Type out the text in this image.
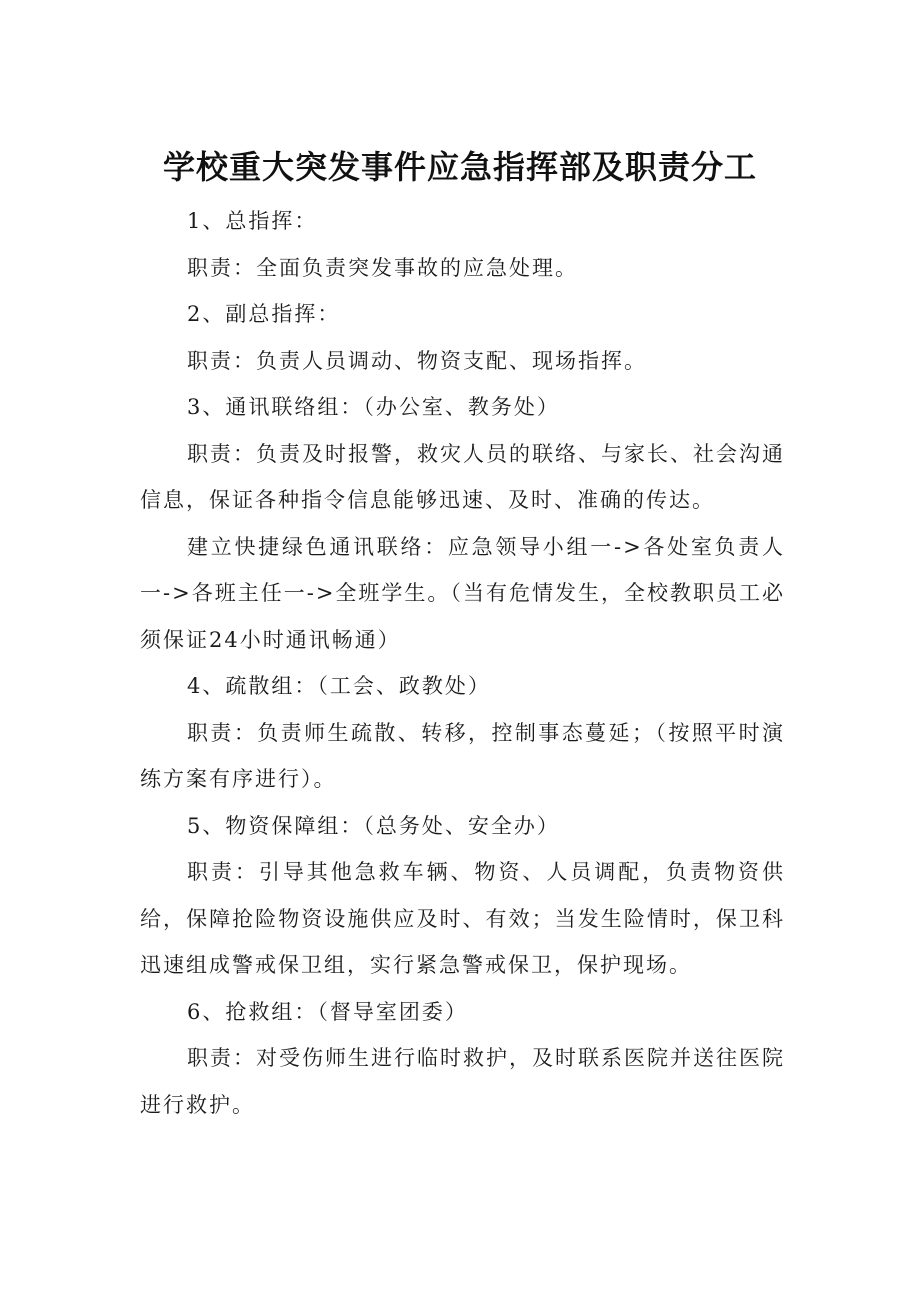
学校重大突发事件应急指挥部及职责分工

1、总指挥：

职责：全面负责突发事故的应急处理。

2、副总指挥：

职责：负责人员调动、物资支配、现场指挥。

3、通讯联络组：（办公室、教务处）

职责：负责及时报警，救灾人员的联络、与家长、社会沟通信息，保证各种指令信息能够迅速、及时、准确的传达。

建立快捷绿色通讯联络：应急领导小组一->各处室负责人一->各班主任一->全班学生。（当有危情发生，全校教职员工必须保证24小时通讯畅通）

4、疏散组：（工会、政教处）

职责：负责师生疏散、转移，控制事态蔓延；（按照平时演练方案有序进行）。

5、物资保障组：（总务处、安全办）

职责：引导其他急救车辆、物资、人员调配，负责物资供给，保障抢险物资设施供应及时、有效；当发生险情时，保卫科迅速组成警戒保卫组，实行紧急警戒保卫，保护现场。

6、抢救组：（督导室团委）

职责：对受伤师生进行临时救护，及时联系医院并送往医院进行救护。
